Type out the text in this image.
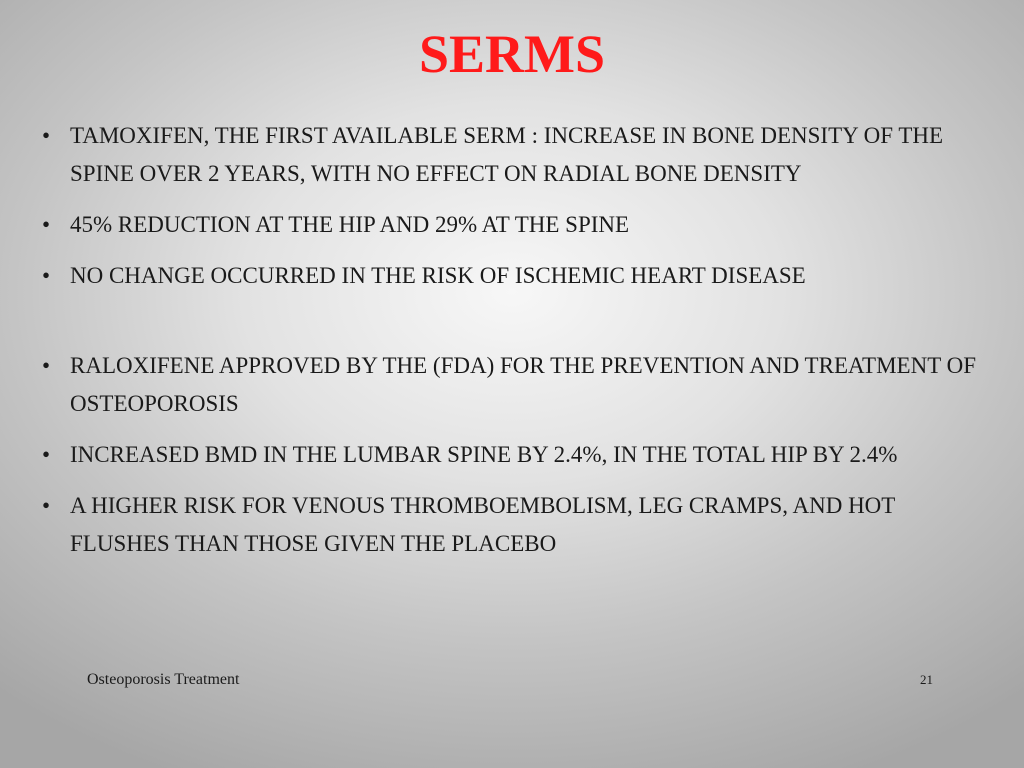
SERMS
• TAMOXIFEN, THE FIRST AVAILABLE SERM : INCREASE IN BONE DENSITY OF THE SPINE OVER 2 YEARS, WITH NO EFFECT ON RADIAL BONE DENSITY
• 45% REDUCTION AT THE HIP AND 29% AT THE SPINE
• NO CHANGE OCCURRED IN THE RISK OF ISCHEMIC HEART DISEASE
• RALOXIFENE APPROVED BY THE (FDA) FOR THE PREVENTION AND TREATMENT OF OSTEOPOROSIS
• INCREASED BMD IN THE LUMBAR SPINE BY 2.4%, IN THE TOTAL HIP BY 2.4%
• A HIGHER RISK FOR VENOUS THROMBOEMBOLISM, LEG CRAMPS, AND HOT FLUSHES THAN THOSE GIVEN THE PLACEBO
Osteoporosis Treatment	21
